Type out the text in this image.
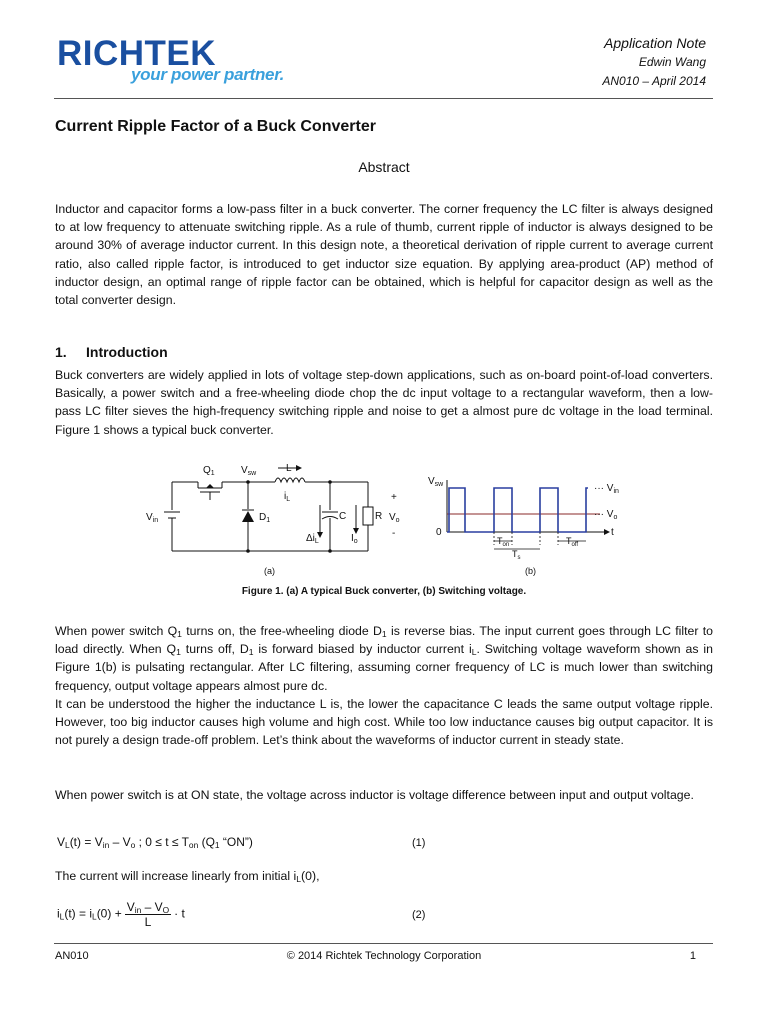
RICHTEK
your power partner.
Application Note
Edwin Wang
AN010 – April 2014
Current Ripple Factor of a Buck Converter
Abstract
Inductor and capacitor forms a low-pass filter in a buck converter. The corner frequency the LC filter is always designed to at low frequency to attenuate switching ripple. As a rule of thumb, current ripple of inductor is always designed to be around 30% of average inductor current. In this design note, a theoretical derivation of ripple current to average current ratio, also called ripple factor, is introduced to get inductor size equation. By applying area-product (AP) method of inductor design, an optimal range of ripple factor can be obtained, which is helpful for capacitor design as well as the total converter design.
1. Introduction
Buck converters are widely applied in lots of voltage step-down applications, such as on-board point-of-load converters. Basically, a power switch and a free-wheeling diode chop the dc input voltage to a rectangular waveform, then a low-pass LC filter sieves the high-frequency switching ripple and noise to get a almost pure dc voltage in the load terminal. Figure 1 shows a typical buck converter.
$Q_1$	$V_{sw}$	L
$i_L$
$V_{in}$	$D_1$	C	R $V_o$
+
-
$\Delta i_L$	$I_o$
(a)
$V_{sw}$	··· $V_{in}$
··· $V_o$
0	t
$T_{on}$
$T_s$
$T_{off}$
(b)
Figure 1. (a) A typical Buck converter, (b) Switching voltage.

When power switch $Q_1$ turns on, the free-wheeling diode $D_1$ is reverse bias. The input current goes through LC filter to load directly. When $Q_1$ turns off, $D_1$ is forward biased by inductor current $i_L$. Switching voltage waveform shown as in Figure 1(b) is pulsating rectangular. After LC filtering, assuming corner frequency of LC is much lower than switching frequency, output voltage appears almost pure dc.

It can be understood the higher the inductance L is, the lower the capacitance C leads the same output voltage ripple. However, too big inductor causes high volume and high cost. While too low inductance causes big output capacitor. It is not purely a design trade-off problem. Let’s think about the waveforms of inductor current in steady state.

When power switch is at ON state, the voltage across inductor is voltage difference between input and output voltage.
$V_L(t) = V_{in} - V_o$ ; $0 \le t \le T_{on}$ ($Q_1$ “ON”)	(1)
The current will increase linearly from initial $i_L(0)$,
$i_L(t) = i_L(0) + \frac{V_{in} - V_O}{L} \cdot t$	(2)
AN010	© 2014 Richtek Technology Corporation	1
